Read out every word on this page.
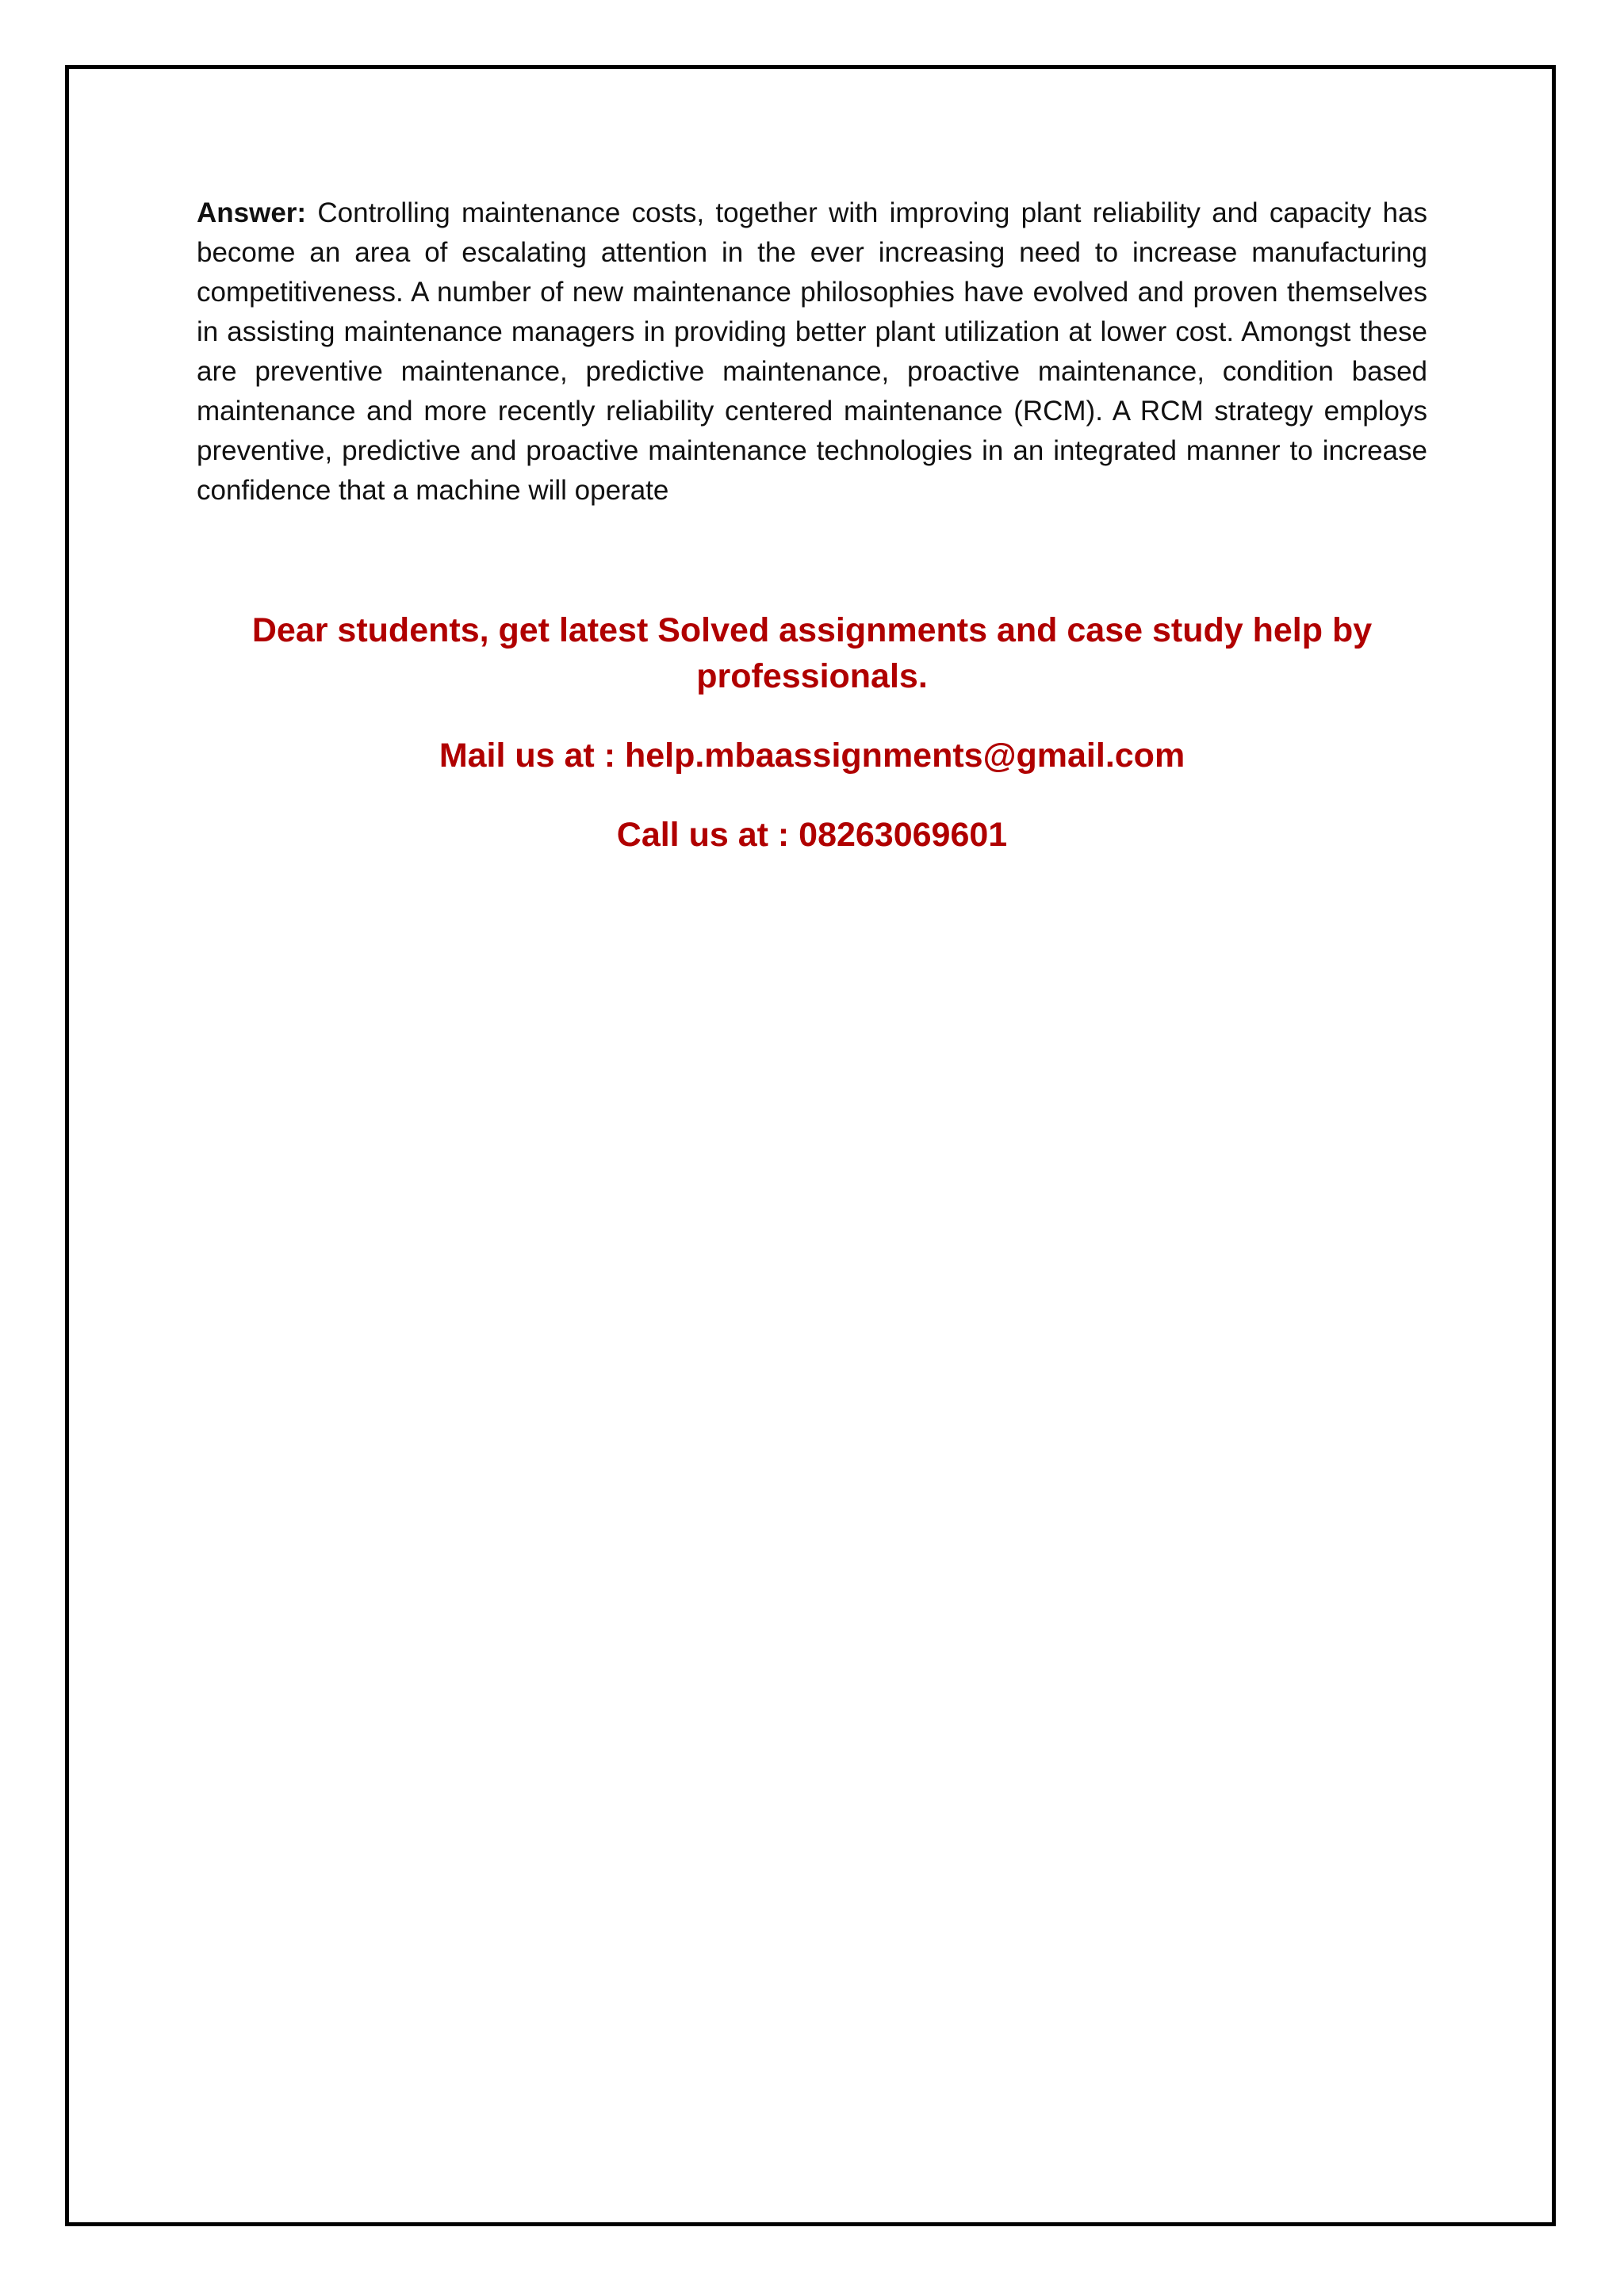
Answer: Controlling maintenance costs, together with improving plant reliability and capacity has become an area of escalating attention in the ever increasing need to increase manufacturing competitiveness. A number of new maintenance philosophies have evolved and proven themselves in assisting maintenance managers in providing better plant utilization at lower cost. Amongst these are preventive maintenance, predictive maintenance, proactive maintenance, condition based maintenance and more recently reliability centered maintenance (RCM). A RCM strategy employs preventive, predictive and proactive maintenance technologies in an integrated manner to increase confidence that a machine will operate

Dear students, get latest Solved assignments and case study help by professionals.

Mail us at : help.mbaassignments@gmail.com

Call us at : 08263069601
